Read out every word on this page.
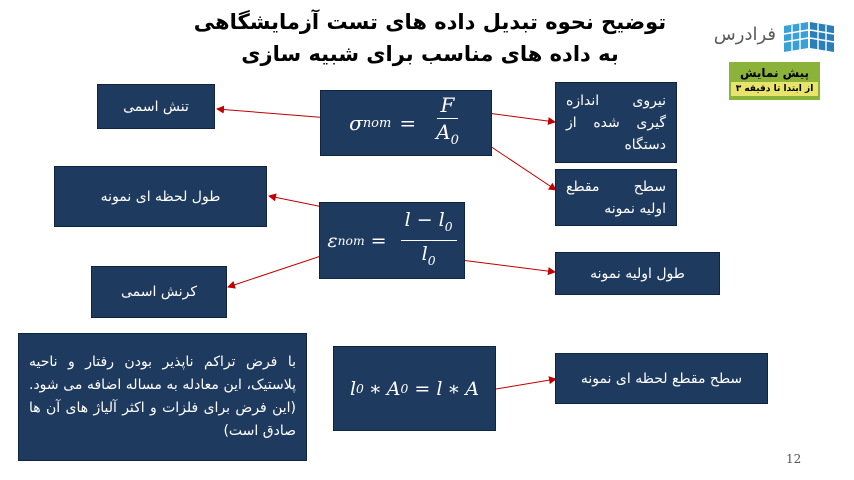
توضیح نحوه تبدیل داده های تست آزمایشگاهی
به داده های مناسب برای شبیه سازی
فرادرس
پیش نمایش
از ابتدا تا دقیقه ۳
σ nom = $\frac{F}{A_0}$
ε nom = $\frac{l - l_0}{l_0}$
l 0 ∗ A 0 = l ∗ A
تنش اسمی	نیروی اندازه گیری شده از دستگاه
سطح مقطع اولیه نمونه
طول لحظه ای نمونه
کرنش اسمی
طول اولیه نمونه
سطح مقطع لحظه ای نمونه
با فرض تراکم ناپذیر بودن رفتار و ناحیه پلاستیک، این معادله به مساله اضافه می شود. (این فرض برای فلزات و اکثر آلیاژ های آن ها صادق است)
12
